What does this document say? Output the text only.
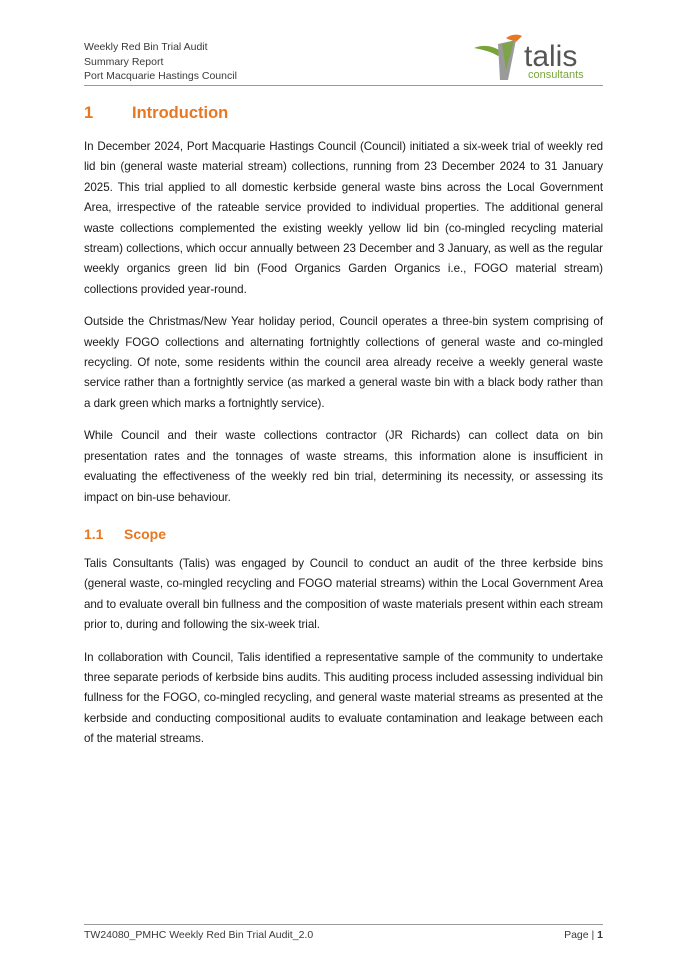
Weekly Red Bin Trial Audit
Summary Report
Port Macquarie Hastings Council
talis
consultants
1	Introduction

In December 2024, Port Macquarie Hastings Council (Council) initiated a six-week trial of weekly red lid bin (general waste material stream) collections, running from 23 December 2024 to 31 January 2025. This trial applied to all domestic kerbside general waste bins across the Local Government Area, irrespective of the rateable service provided to individual properties. The additional general waste collections complemented the existing weekly yellow lid bin (co-mingled recycling material stream) collections, which occur annually between 23 December and 3 January, as well as the regular weekly organics green lid bin (Food Organics Garden Organics i.e., FOGO material stream) collections provided year-round.

Outside the Christmas/New Year holiday period, Council operates a three-bin system comprising of weekly FOGO collections and alternating fortnightly collections of general waste and co-mingled recycling. Of note, some residents within the council area already receive a weekly general waste service rather than a fortnightly service (as marked a general waste bin with a black body rather than a dark green which marks a fortnightly service).

While Council and their waste collections contractor (JR Richards) can collect data on bin presentation rates and the tonnages of waste streams, this information alone is insufficient in evaluating the effectiveness of the weekly red bin trial, determining its necessity, or assessing its impact on bin-use behaviour.

1.1	Scope

Talis Consultants (Talis) was engaged by Council to conduct an audit of the three kerbside bins (general waste, co-mingled recycling and FOGO material streams) within the Local Government Area and to evaluate overall bin fullness and the composition of waste materials present within each stream prior to, during and following the six-week trial.

In collaboration with Council, Talis identified a representative sample of the community to undertake three separate periods of kerbside bins audits. This auditing process included assessing individual bin fullness for the FOGO, co-mingled recycling, and general waste material streams as presented at the kerbside and conducting compositional audits to evaluate contamination and leakage between each of the material streams.

TW24080_PMHC Weekly Red Bin Trial Audit_2.0	Page | 1
